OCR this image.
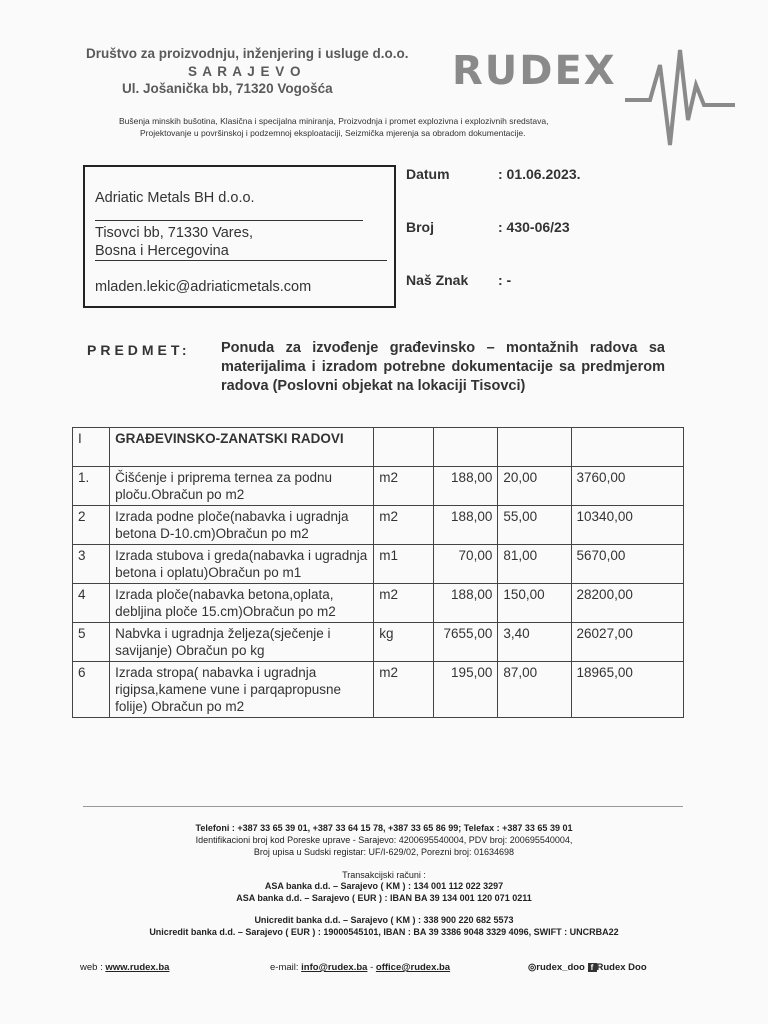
Društvo za proizvodnju, inženjering i usluge d.o.o.
S A R A J E V O
Ul. Jošanička bb, 71320 Vogošća	RUDEX
Bušenja minskih bušotina, Klasična i specijalna miniranja, Proizvodnja i promet explozivna i explozivnih sredstava,
Projektovanje u površinskoj i podzemnoj eksploataciji, Seizmička mjerenja sa obradom dokumentacije.
Adriatic Metals BH d.o.o.
Tisovci bb, 71330 Vares,
Bosna i Hercegovina
mladen.lekic@adriaticmetals.com
Datum	: 01.06.2023.
Broj	: 430-06/23
Naš Znak : -
PREDMET: Ponuda za izvođenje građevinsko – montažnih radova sa materijalima i izradom potrebne dokumentacije sa predmjerom radova (Poslovni objekat na lokaciji Tisovci)
I	GRAĐEVINSKO-ZANATSKI RADOVI				
1.	Čišćenje i priprema ternea za podnu ploču.Obračun po m2	m2	188,00	20,00	3760,00
2	Izrada podne ploče(nabavka i ugradnja betona D-10.cm)Obračun po m2	m2	188,00	55,00	10340,00
3	Izrada stubova i greda(nabavka i ugradnja betona i oplatu)Obračun po m1	m1	70,00	81,00	5670,00
4	Izrada ploče(nabavka betona,oplata, debljina ploče 15.cm)Obračun po m2	m2	188,00	150,00	28200,00
5	Nabvka i ugradnja željeza(sječenje i savijanje) Obračun po kg	kg	7655,00	3,40	26027,00
6	Izrada stropa( nabavka i ugradnja rigipsa,kamene vune i parqapropusne folije) Obračun po m2	m2	195,00	87,00	18965,00
Telefoni : +387 33 65 39 01, +387 33 64 15 78, +387 33 65 86 99; Telefax : +387 33 65 39 01
Identifikacioni broj kod Poreske uprave - Sarajevo: 4200695540004, PDV broj: 200695540004,
Broj upisa u Sudski registar: UF/I-629/02, Porezni broj: 01634698
Transakcijski računi :
ASA banka d.d. – Sarajevo ( KM ) : 134 001 112 022 3297
ASA banka d.d. – Sarajevo ( EUR ) : IBAN BA 39 134 001 120 071 0211
Unicredit banka d.d. – Sarajevo ( KM ) : 338 900 220 682 5573
Unicredit banka d.d. – Sarajevo ( EUR ) : 19000545101, IBAN : BA 39 3386 9048 3329 4096, SWIFT : UNCRBA22
web : www.rudex.ba	e-mail: info@rudex.ba - office@rudex.ba	◎rudex_doo f Rudex Doo
